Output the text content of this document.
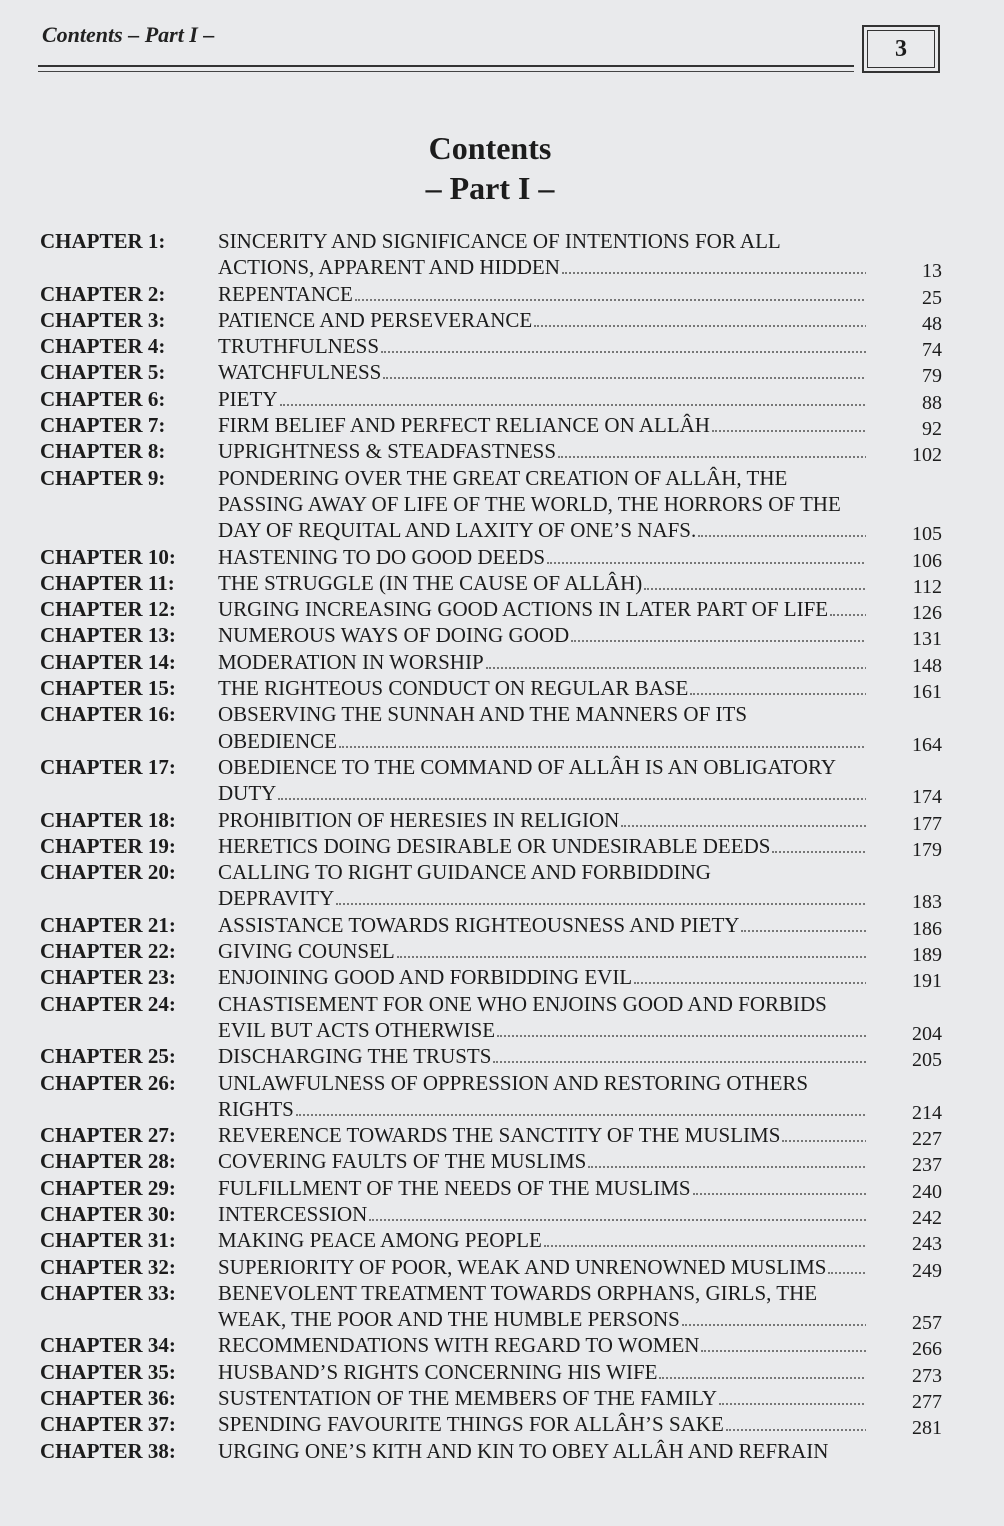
Contents – Part I –
3
Contents
– Part I –
CHAPTER 1:	SINCERITY AND SIGNIFICANCE OF INTENTIONS FOR ALL
ACTIONS, APPARENT AND HIDDEN	13
CHAPTER 2:	REPENTANCE	25
CHAPTER 3:	PATIENCE AND PERSEVERANCE	48
CHAPTER 4:	TRUTHFULNESS	74
CHAPTER 5:	WATCHFULNESS	79
CHAPTER 6:	PIETY	88
CHAPTER 7:	FIRM BELIEF AND PERFECT RELIANCE ON ALLÂH	92
CHAPTER 8:	UPRIGHTNESS & STEADFASTNESS	102
CHAPTER 9:	PONDERING OVER THE GREAT CREATION OF ALLÂH, THE
PASSING AWAY OF LIFE OF THE WORLD, THE HORRORS OF THE
DAY OF REQUITAL AND LAXITY OF ONE’S NAFS.	105
CHAPTER 10: HASTENING TO DO GOOD DEEDS	106
CHAPTER 11: THE STRUGGLE (IN THE CAUSE OF ALLÂH)	112
CHAPTER 12: URGING INCREASING GOOD ACTIONS IN LATER PART OF LIFE	126
CHAPTER 13: NUMEROUS WAYS OF DOING GOOD	131
CHAPTER 14: MODERATION IN WORSHIP	148
CHAPTER 15: THE RIGHTEOUS CONDUCT ON REGULAR BASE	161
CHAPTER 16: OBSERVING THE SUNNAH AND THE MANNERS OF ITS
OBEDIENCE	164
CHAPTER 17: OBEDIENCE TO THE COMMAND OF ALLÂH IS AN OBLIGATORY
DUTY	174
CHAPTER 18: PROHIBITION OF HERESIES IN RELIGION	177
CHAPTER 19: HERETICS DOING DESIRABLE OR UNDESIRABLE DEEDS	179
CHAPTER 20: CALLING TO RIGHT GUIDANCE AND FORBIDDING
DEPRAVITY	183
CHAPTER 21: ASSISTANCE TOWARDS RIGHTEOUSNESS AND PIETY	186
CHAPTER 22: GIVING COUNSEL	189
CHAPTER 23: ENJOINING GOOD AND FORBIDDING EVIL	191
CHAPTER 24: CHASTISEMENT FOR ONE WHO ENJOINS GOOD AND FORBIDS
EVIL BUT ACTS OTHERWISE	204
CHAPTER 25: DISCHARGING THE TRUSTS	205
CHAPTER 26: UNLAWFULNESS OF OPPRESSION AND RESTORING OTHERS
RIGHTS	214
CHAPTER 27: REVERENCE TOWARDS THE SANCTITY OF THE MUSLIMS	227
CHAPTER 28: COVERING FAULTS OF THE MUSLIMS	237
CHAPTER 29: FULFILLMENT OF THE NEEDS OF THE MUSLIMS	240
CHAPTER 30: INTERCESSION	242
CHAPTER 31: MAKING PEACE AMONG PEOPLE	243
CHAPTER 32: SUPERIORITY OF POOR, WEAK AND UNRENOWNED MUSLIMS	249
CHAPTER 33: BENEVOLENT TREATMENT TOWARDS ORPHANS, GIRLS, THE
WEAK, THE POOR AND THE HUMBLE PERSONS	257
CHAPTER 34: RECOMMENDATIONS WITH REGARD TO WOMEN	266
CHAPTER 35: HUSBAND’S RIGHTS CONCERNING HIS WIFE	273
CHAPTER 36: SUSTENTATION OF THE MEMBERS OF THE FAMILY	277
CHAPTER 37: SPENDING FAVOURITE THINGS FOR ALLÂH’S SAKE	281
CHAPTER 38: URGING ONE’S KITH AND KIN TO OBEY ALLÂH AND REFRAIN
